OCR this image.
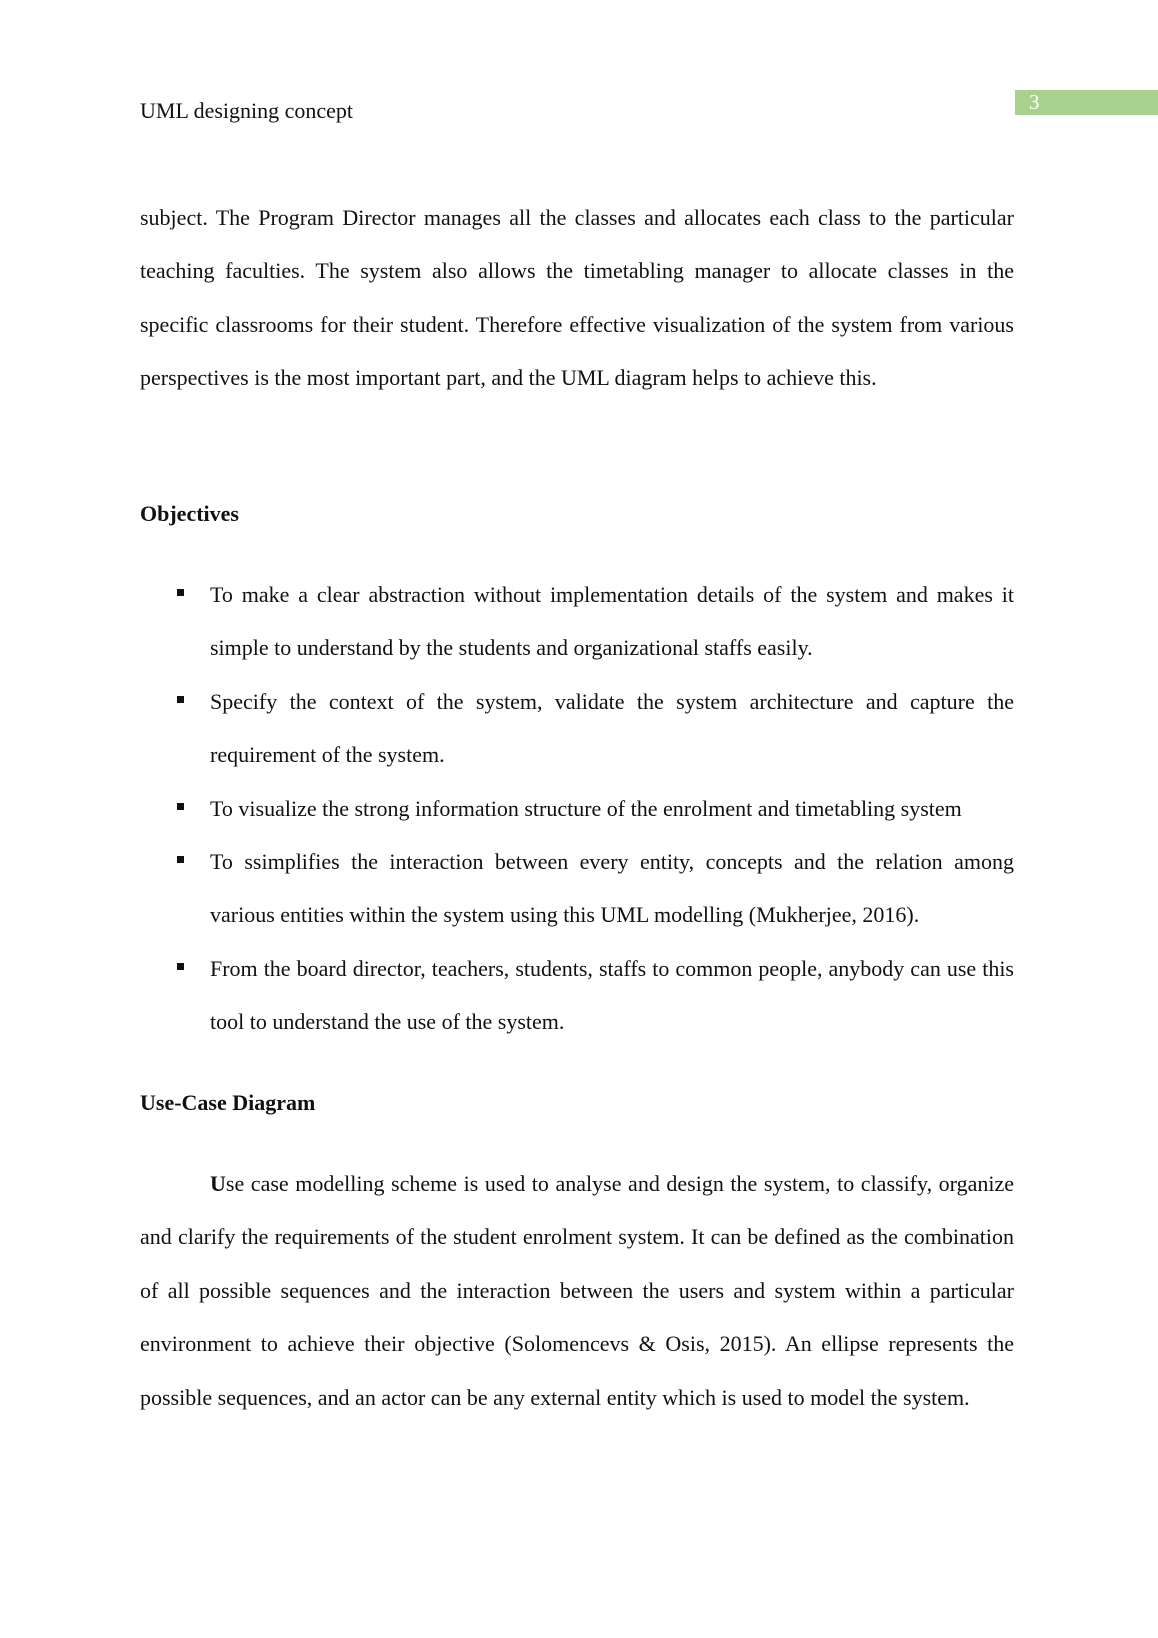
3
UML designing concept

subject. The Program Director manages all the classes and allocates each class to the particular teaching faculties. The system also allows the timetabling manager to allocate classes in the specific classrooms for their student. Therefore effective visualization of the system from various perspectives is the most important part, and the UML diagram helps to achieve this.

Objectives
To make a clear abstraction without implementation details of the system and makes it simple to understand by the students and organizational staffs easily.
Specify the context of the system, validate the system architecture and capture the requirement of the system.
To visualize the strong information structure of the enrolment and timetabling system
To ssimplifies the interaction between every entity, concepts and the relation among various entities within the system using this UML modelling (Mukherjee, 2016).
From the board director, teachers, students, staffs to common people, anybody can use this tool to understand the use of the system.
Use-Case Diagram

Use case modelling scheme is used to analyse and design the system, to classify, organize and clarify the requirements of the student enrolment system. It can be defined as the combination of all possible sequences and the interaction between the users and system within a particular environment to achieve their objective (Solomencevs & Osis, 2015). An ellipse represents the possible sequences, and an actor can be any external entity which is used to model the system.
